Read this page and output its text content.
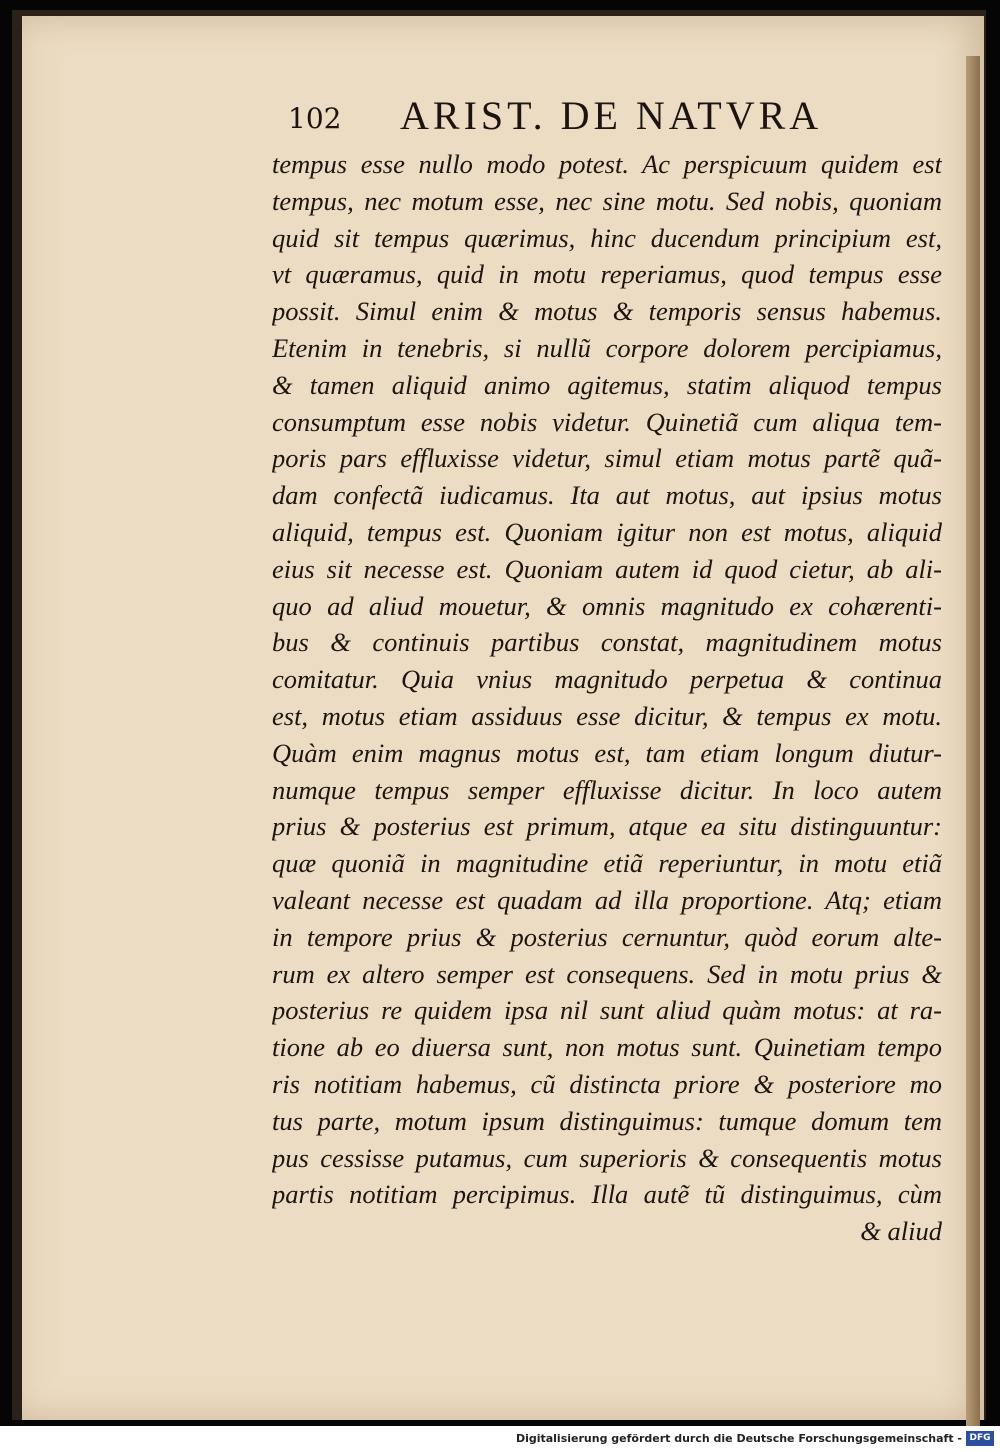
102 ARIST. DE NATVRA
tempus esse nullo modo potest. Ac perspicuum quidem est
tempus, nec motum esse, nec sine motu. Sed nobis, quoniam
quid sit tempus quærimus, hinc ducendum principium est,
vt quæramus, quid in motu reperiamus, quod tempus esse
possit. Simul enim & motus & temporis sensus habemus.
Etenim in tenebris, si nullũ corpore dolorem percipiamus,
& tamen aliquid animo agitemus, statim aliquod tempus
consumptum esse nobis videtur. Quinetiã cum aliqua tem-
poris pars effluxisse videtur, simul etiam motus partẽ quã-
dam confectã iudicamus. Ita aut motus, aut ipsius motus
aliquid, tempus est. Quoniam igitur non est motus, aliquid
eius sit necesse est. Quoniam autem id quod cietur, ab ali-
quo ad aliud mouetur, & omnis magnitudo ex cohærenti-
bus & continuis partibus constat, magnitudinem motus
comitatur. Quia vnius magnitudo perpetua & continua
est, motus etiam assiduus esse dicitur, & tempus ex motu.
Quàm enim magnus motus est, tam etiam longum diutur-
numque tempus semper effluxisse dicitur. In loco autem
prius & posterius est primum, atque ea situ distinguuntur:
quæ quoniã in magnitudine etiã reperiuntur, in motu etiã
valeant necesse est quadam ad illa proportione. Atq; etiam
in tempore prius & posterius cernuntur, quòd eorum alte-
rum ex altero semper est consequens. Sed in motu prius &
posterius re quidem ipsa nil sunt aliud quàm motus: at ra-
tione ab eo diuersa sunt, non motus sunt. Quinetiam tempo
ris notitiam habemus, cũ distincta priore & posteriore mo
tus parte, motum ipsum distinguimus: tumque domum tem
pus cessisse putamus, cum superioris & consequentis motus
partis notitiam percipimus. Illa autẽ tũ distinguimus, cùm
& aliud
Digitalisierung gefördert durch die Deutsche Forschungsgemeinschaft - DFG
